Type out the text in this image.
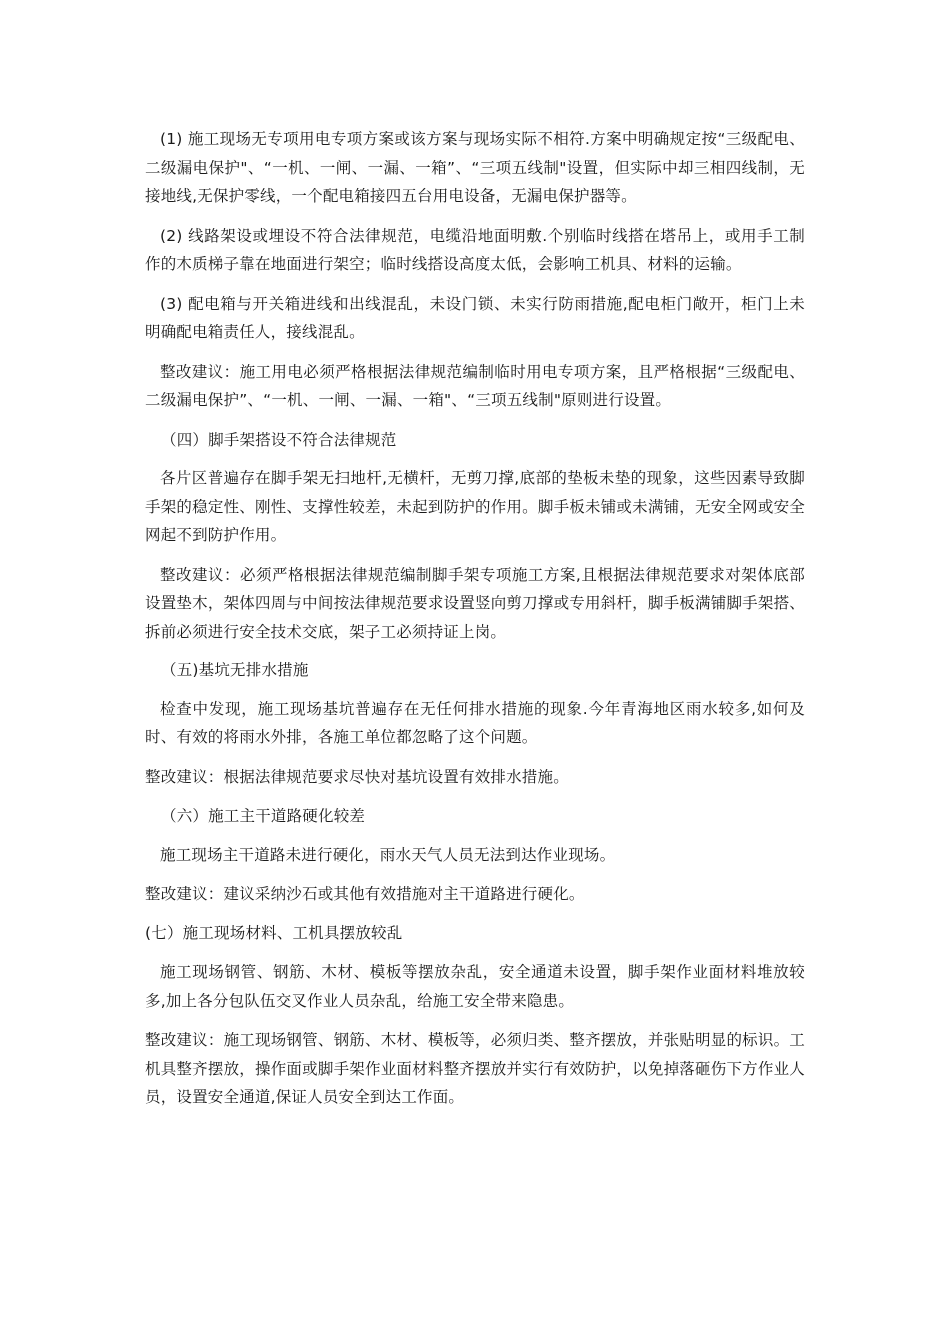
(1) 施工现场无专项用电专项方案或该方案与现场实际不相符.方案中明确规定按“三级配电、二级漏电保护"、“一机、一闸、一漏、一箱”、“三项五线制"设置，但实际中却三相四线制，无接地线,无保护零线，一个配电箱接四五台用电设备，无漏电保护器等。

(2) 线路架设或埋设不符合法律规范，电缆沿地面明敷.个别临时线搭在塔吊上，或用手工制作的木质梯子靠在地面进行架空；临时线搭设高度太低，会影响工机具、材料的运输。

(3) 配电箱与开关箱进线和出线混乱，未设门锁、未实行防雨措施,配电柜门敞开，柜门上未明确配电箱责任人，接线混乱。

整改建议：施工用电必须严格根据法律规范编制临时用电专项方案，且严格根据“三级配电、二级漏电保护”、“一机、一闸、一漏、一箱"、“三项五线制"原则进行设置。

（四）脚手架搭设不符合法律规范

各片区普遍存在脚手架无扫地杆,无横杆，无剪刀撑,底部的垫板未垫的现象，这些因素导致脚手架的稳定性、刚性、支撑性较差，未起到防护的作用。脚手板未铺或未满铺，无安全网或安全网起不到防护作用。

整改建议：必须严格根据法律规范编制脚手架专项施工方案,且根据法律规范要求对架体底部设置垫木，架体四周与中间按法律规范要求设置竖向剪刀撑或专用斜杆，脚手板满铺脚手架搭、拆前必须进行安全技术交底，架子工必须持证上岗。

（五)基坑无排水措施

检查中发现，施工现场基坑普遍存在无任何排水措施的现象.今年青海地区雨水较多,如何及时、有效的将雨水外排，各施工单位都忽略了这个问题。

整改建议：根据法律规范要求尽快对基坑设置有效排水措施。

（六）施工主干道路硬化较差

施工现场主干道路未进行硬化，雨水天气人员无法到达作业现场。

整改建议：建议采纳沙石或其他有效措施对主干道路进行硬化。

(七）施工现场材料、工机具摆放较乱

施工现场钢管、钢筋、木材、模板等摆放杂乱，安全通道未设置，脚手架作业面材料堆放较多,加上各分包队伍交叉作业人员杂乱，给施工安全带来隐患。

整改建议：施工现场钢管、钢筋、木材、模板等，必须归类、整齐摆放，并张贴明显的标识。工机具整齐摆放，操作面或脚手架作业面材料整齐摆放并实行有效防护，以免掉落砸伤下方作业人员，设置安全通道,保证人员安全到达工作面。
